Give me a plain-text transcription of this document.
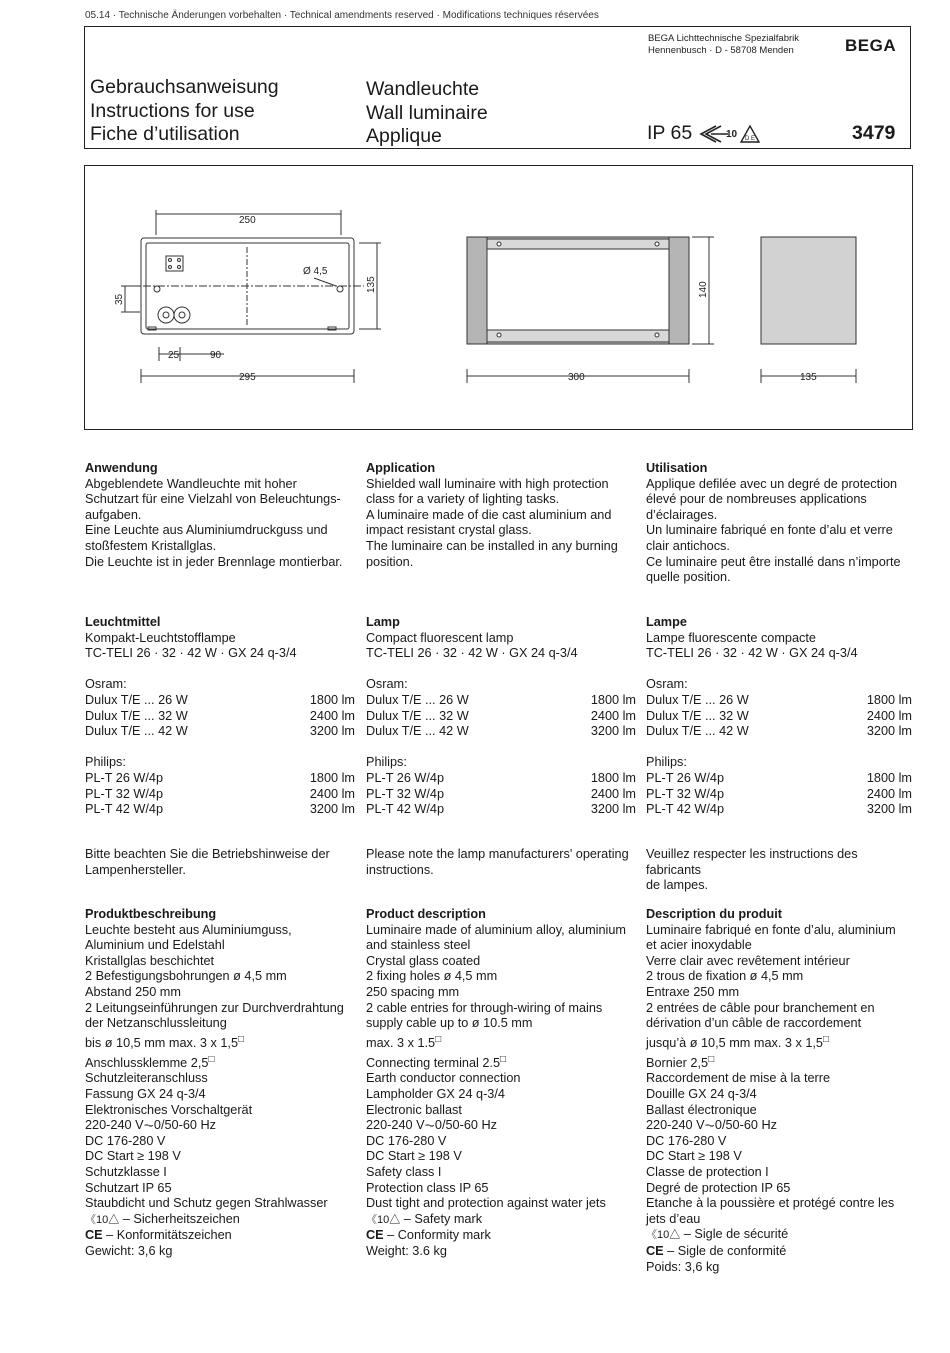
05.14 · Technische Änderungen vorbehalten · Technical amendments reserved · Modifications techniques réservées
BEGA Lichttechnische Spezialfabrik
Hennenbusch · D - 58708 Menden	BEGA
Gebrauchsanweisung
Instructions for use
Fiche d’utilisation
Wandleuchte
Wall luminaire
Applique	IP 65	10 D E	3479
250
Ø 4,5
35
135
25	90
295	300
140
135
Anwendung
Abgeblendete Wandleuchte mit hoher
Schutzart für eine Vielzahl von Beleuchtungs-
aufgaben.
Eine Leuchte aus Aluminiumdruckguss und
stoßfestem Kristallglas.
Die Leuchte ist in jeder Brennlage montierbar.
Leuchtmittel
Kompakt-Leuchtstofflampe
TC-TELI 26 · 32 · 42 W · GX 24 q-3/4
Osram:
Dulux T/E ... 26 W	1800 lm
Dulux T/E ... 32 W	2400 lm
Dulux T/E ... 42 W	3200 lm
Philips:
PL-T 26 W/4p	1800 lm
PL-T 32 W/4p	2400 lm
PL-T 42 W/4p	3200 lm
Bitte beachten Sie die Betriebshinweise der
Lampenhersteller.
Produktbeschreibung
Leuchte besteht aus Aluminiumguss,
Aluminium und Edelstahl
Kristallglas beschichtet
2 Befestigungsbohrungen ø 4,5 mm
Abstand 250 mm
2 Leitungseinführungen zur Durchverdrahtung
der Netzanschlussleitung
bis ø 10,5 mm max. 3 x 1,5□
Anschlussklemme 2,5□
Schutzleiteranschluss
Fassung GX 24 q-3/4
Elektronisches Vorschaltgerät
220-240 V⏦0/50-60 Hz
DC 176-280 V
DC Start ≥ 198 V
Schutzklasse I
Schutzart IP 65
Staubdicht und Schutz gegen Strahlwasser
《10△ – Sicherheitszeichen
CE – Konformitätszeichen
Gewicht: 3,6 kg
Application
Shielded wall luminaire with high protection
class for a variety of lighting tasks.
A luminaire made of die cast aluminium and
impact resistant crystal glass.
The luminaire can be installed in any burning
position.
Lamp
Compact fluorescent lamp
TC-TELI 26 · 32 · 42 W · GX 24 q-3/4
Osram:
Dulux T/E ... 26 W	1800 lm
Dulux T/E ... 32 W	2400 lm
Dulux T/E ... 42 W	3200 lm
Philips:
PL-T 26 W/4p	1800 lm
PL-T 32 W/4p	2400 lm
PL-T 42 W/4p	3200 lm
Please note the lamp manufacturers' operating
instructions.
Product description
Luminaire made of aluminium alloy, aluminium
and stainless steel
Crystal glass coated
2 fixing holes ø 4,5 mm
250 spacing mm
2 cable entries for through-wiring of mains
supply cable up to ø 10.5 mm
max. 3 x 1.5□
Connecting terminal 2.5□
Earth conductor connection
Lampholder GX 24 q-3/4
Electronic ballast
220-240 V⏦0/50-60 Hz
DC 176-280 V
DC Start ≥ 198 V
Safety class I
Protection class IP 65
Dust tight and protection against water jets
《10△ – Safety mark
CE – Conformity mark
Weight: 3.6 kg
Utilisation
Applique defilée avec un degré de protection
élevé pour de nombreuses applications
d’éclairages.
Un luminaire fabriqué en fonte d’alu et verre
clair antichocs.
Ce luminaire peut être installé dans n’importe
quelle position.
Lampe
Lampe fluorescente compacte
TC-TELI 26 · 32 · 42 W · GX 24 q-3/4
Osram:
Dulux T/E ... 26 W	1800 lm
Dulux T/E ... 32 W	2400 lm
Dulux T/E ... 42 W	3200 lm
Philips:
PL-T 26 W/4p	1800 lm
PL-T 32 W/4p	2400 lm
PL-T 42 W/4p	3200 lm
Veuillez respecter les instructions des fabricants
de lampes.
Description du produit
Luminaire fabriqué en fonte d’alu, aluminium
et acier inoxydable
Verre clair avec revêtement intérieur
2 trous de fixation ø 4,5 mm
Entraxe 250 mm
2 entrées de câble pour branchement en
dérivation d’un câble de raccordement
jusqu’à ø 10,5 mm max. 3 x 1,5□
Bornier 2,5□
Raccordement de mise à la terre
Douille GX 24 q-3/4
Ballast électronique
220-240 V⏦0/50-60 Hz
DC 176-280 V
DC Start ≥ 198 V
Classe de protection I
Degré de protection IP 65
Etanche à la poussière et protégé contre les
jets d’eau
《10△ – Sigle de sécurité
CE – Sigle de conformité
Poids: 3,6 kg
